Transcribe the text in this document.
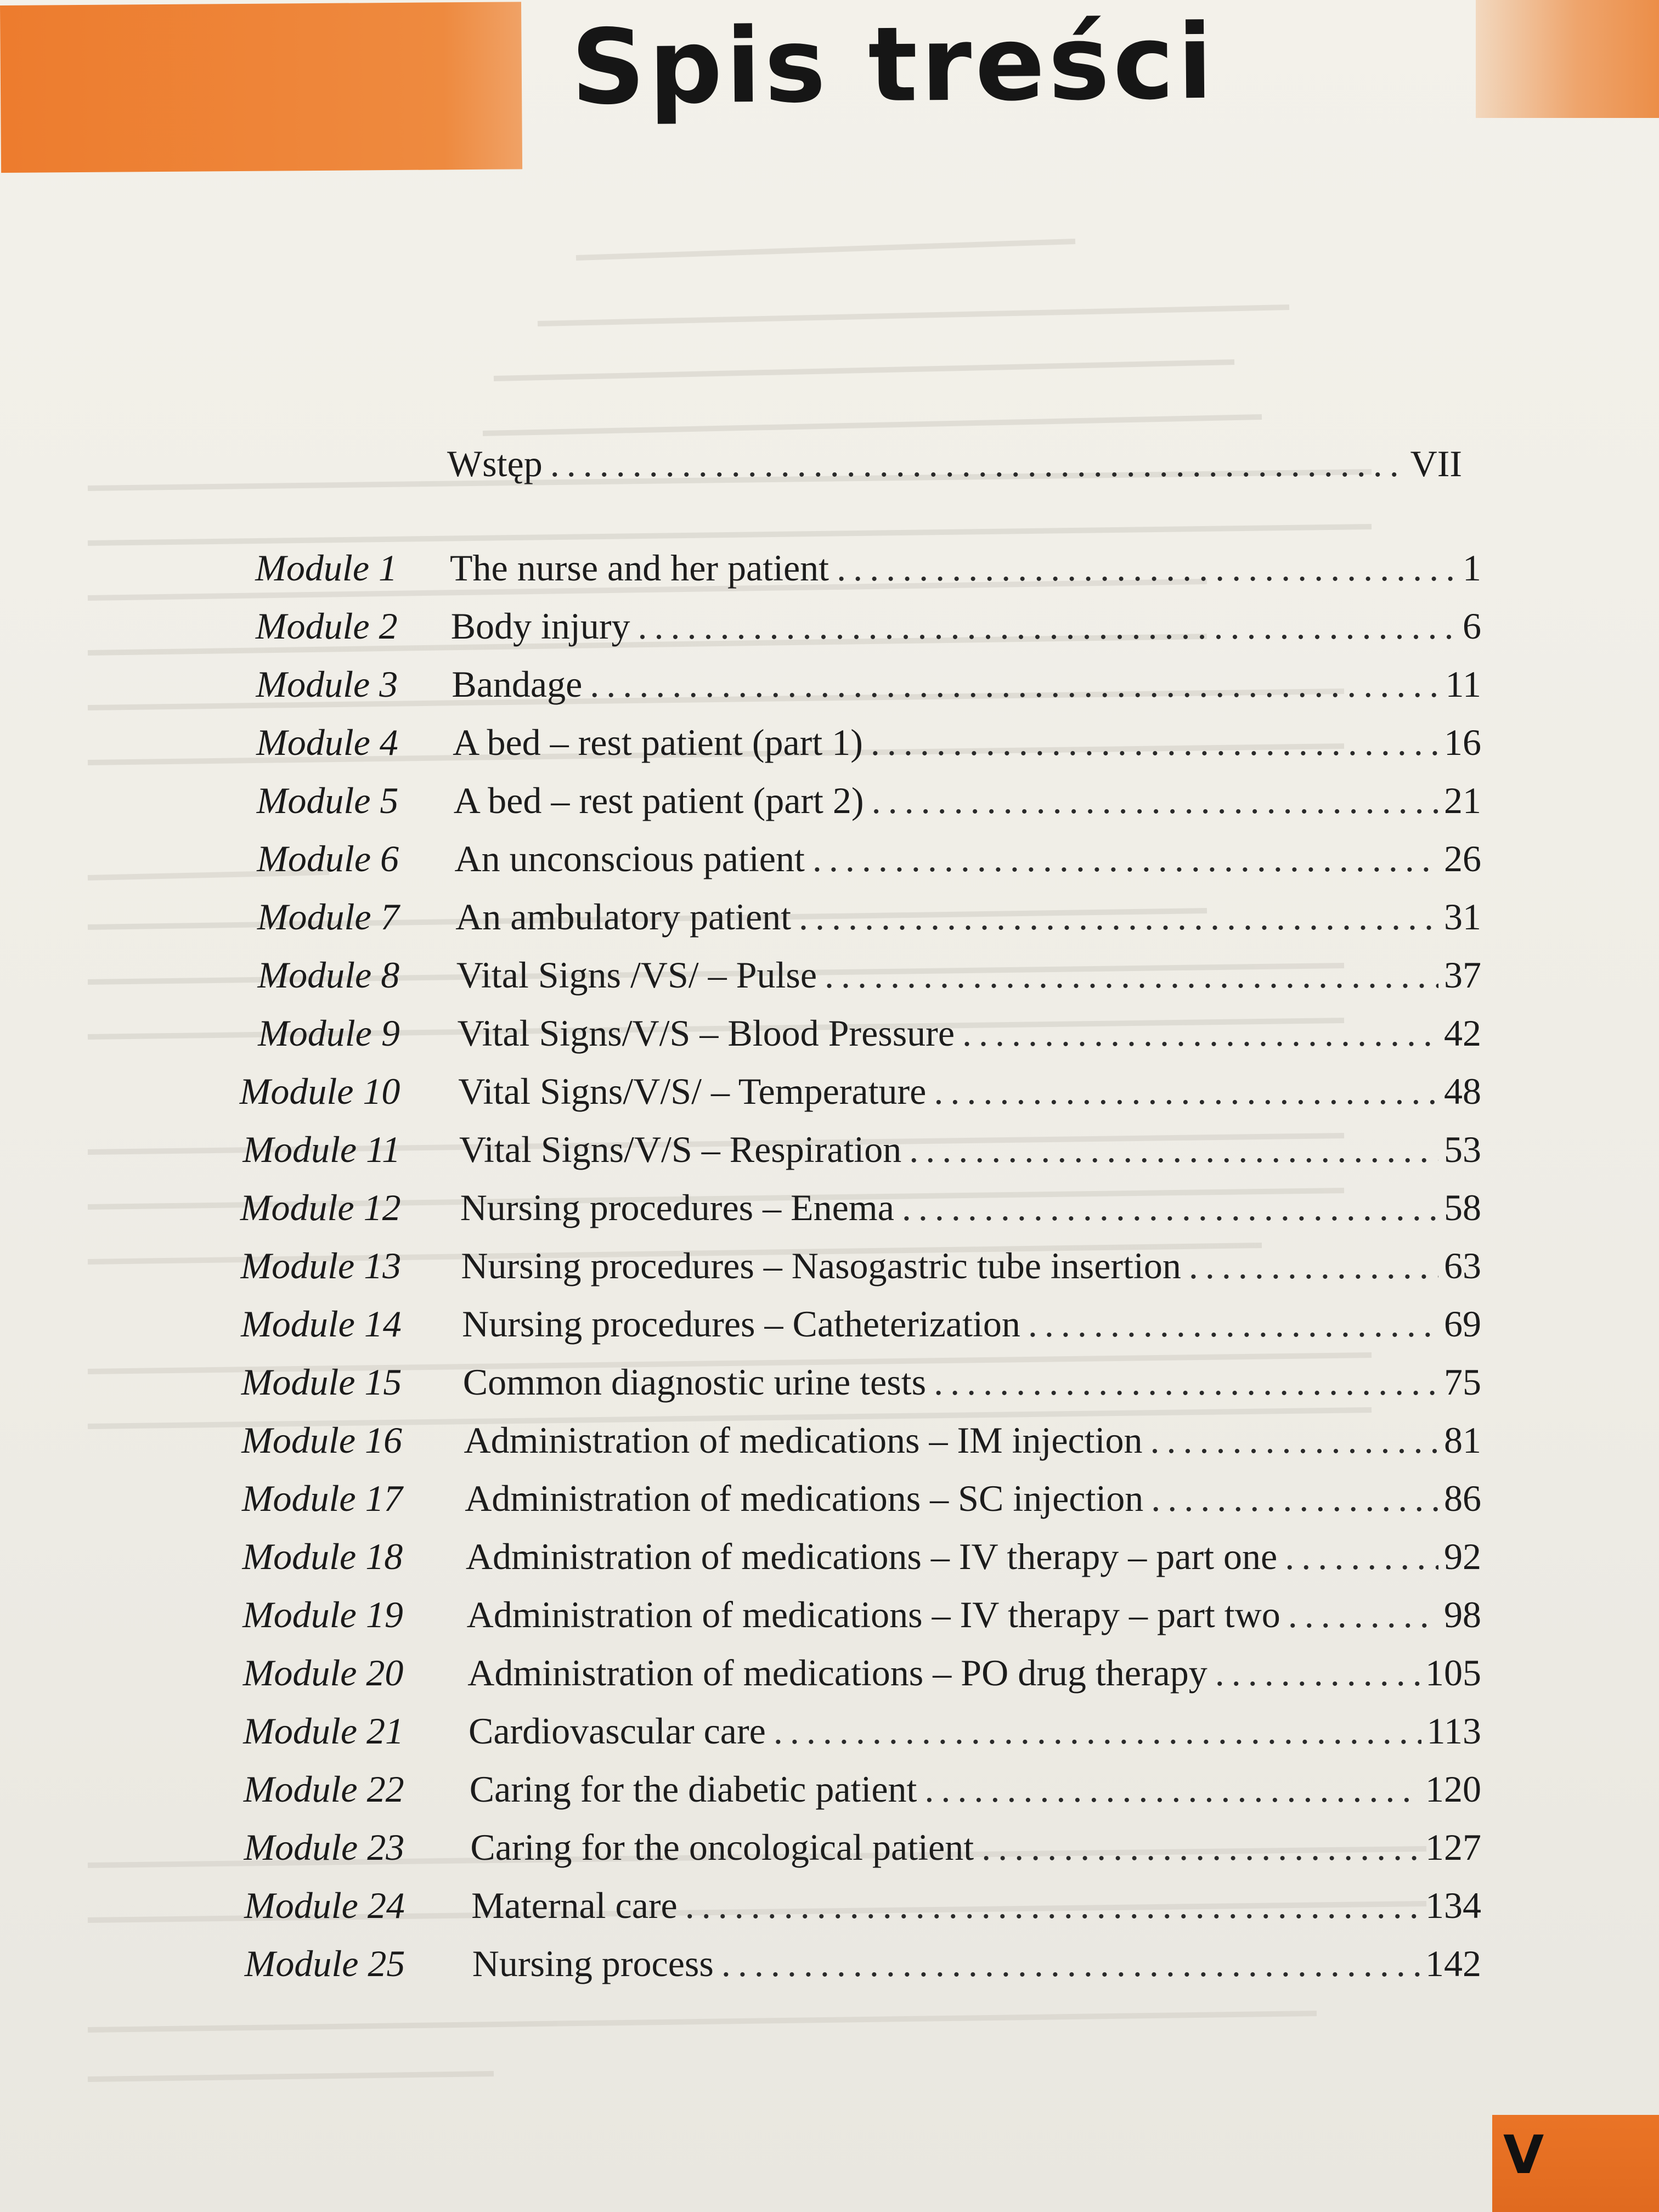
Spis treści
Wstęp . . .	VII
Module 1 The nurse and her patient . . .	1
Module 2 Body injury . . .	6
Module 3 Bandage . . .	11
Module 4 A bed – rest patient (part 1) . . .	16
Module 5 A bed – rest patient (part 2) . . .	21
Module 6 An unconscious patient . . .	26
Module 7 An ambulatory patient . . .	31
Module 8 Vital Signs /VS/ – Pulse . . .	37
Module 9 Vital Signs/V/S – Blood Pressure . . .	42
Module 10 Vital Signs/V/S/ – Temperature . . .	48
Module 11 Vital Signs/V/S – Respiration . . .	53
Module 12 Nursing procedures – Enema . . .	58
Module 13 Nursing procedures – Nasogastric tube insertion . . .	63
Module 14 Nursing procedures – Catheterization . . .	69
Module 15 Common diagnostic urine tests . . .	75
Module 16 Administration of medications – IM injection . . .	81
Module 17 Administration of medications – SC injection . . .	86
Module 18 Administration of medications – IV therapy – part one . . .	92
Module 19 Administration of medications – IV therapy – part two . . .	98
Module 20 Administration of medications – PO drug therapy . . .	105
Module 21 Cardiovascular care . . .	113
Module 22 Caring for the diabetic patient . . .	120
Module 23 Caring for the oncological patient . . .	127
Module 24 Maternal care . . .	134
Module 25 Nursing process . . .	142
V
